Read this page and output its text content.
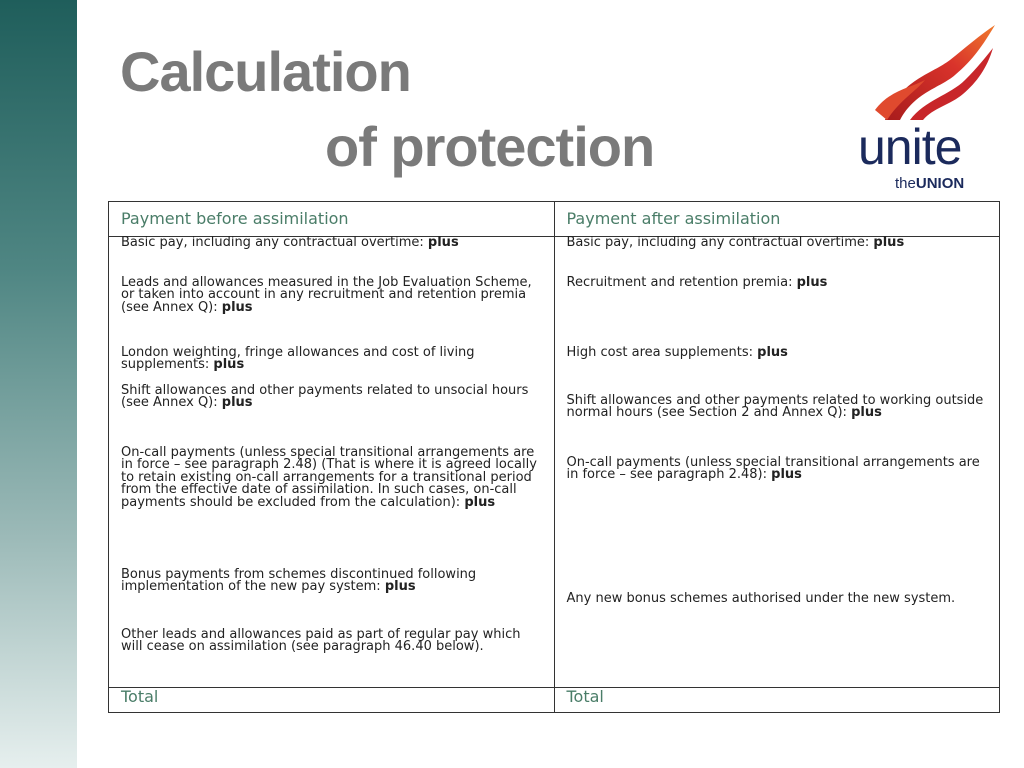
Calculation
of protection	unite
theUNION
Payment before assimilation	Payment after assimilation
Basic pay, including any contractual overtime: plus	Basic pay, including any contractual overtime: plus
Leads and allowances measured in the Job Evaluation Scheme, or taken into account in any recruitment and retention premia (see Annex Q): plus	Recruitment and retention premia: plus
London weighting, fringe allowances and cost of living supplements: plus	High cost area supplements: plus
Shift allowances and other payments related to unsocial hours (see Annex Q): plus	Shift allowances and other payments related to working outside normal hours (see Section 2 and Annex Q): plus
On-call payments (unless special transitional arrangements are in force – see paragraph 2.48) (That is where it is agreed locally to retain existing on-call arrangements for a transitional period from the effective date of assimilation. In such cases, on-call payments should be excluded from the calculation): plus	On-call payments (unless special transitional arrangements are in force – see paragraph 2.48): plus
Bonus payments from schemes discontinued following implementation of the new pay system: plus	Any new bonus schemes authorised under the new system.
Other leads and allowances paid as part of regular pay which will cease on assimilation (see paragraph 46.40 below).	
Total	Total
